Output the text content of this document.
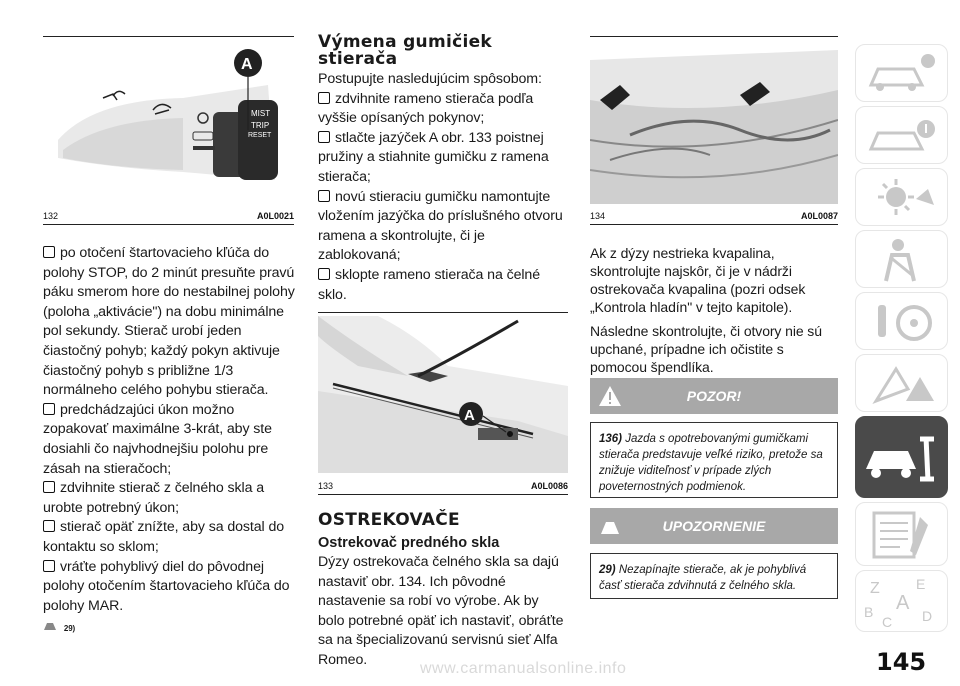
MIST
TRIP
RESET
A
132	A0L0021

po otočení štartovacieho kľúča do polohy STOP, do 2 minút presuňte pravú páku smerom hore do nestabilnej polohy (poloha „aktivácie") na dobu minimálne pol sekundy. Stierač urobí jeden čiastočný pohyb; každý pokyn aktivuje čiastočný pohyb s približne 1/3 normálneho celého pohybu stierača.

predchádzajúci úkon možno zopakovať maximálne 3-krát, aby ste dosiahli čo najvhodnejšiu polohu pre zásah na stieračoch;

zdvihnite stierač z čelného skla a urobte potrebný úkon;

stierač opäť znížte, aby sa dostal do kontaktu so sklom;

vráťte pohyblivý diel do pôvodnej polohy otočením štartovacieho kľúča do polohy MAR.

29)
Výmena gumičiek stierača

Postupujte nasledujúcim spôsobom:

zdvihnite rameno stierača podľa vyššie opísaných pokynov;

stlačte jazýček A obr. 133 poistnej pružiny a stiahnite gumičku z ramena stierača;

novú stieraciu gumičku namontujte vložením jazýčka do príslušného otvoru ramena a skontrolujte, či je zablokovaná;

sklopte rameno stierača na čelné sklo.

A
133	A0L0086
OSTREKOVAČE
Ostrekovač predného skla

Dýzy ostrekovača čelného skla sa dajú nastaviť obr. 134. Ich pôvodné nastavenie sa robí vo výrobe. Ak by bolo potrebné opäť ich nastaviť, obráťte sa na špecializovanú servisnú sieť Alfa Romeo.

134	A0L0087

Ak z dýzy nestrieka kvapalina, skontrolujte najskôr, či je v nádrži ostrekovača kvapalina (pozri odsek „Kontrola hladín" v tejto kapitole).

Následne skontrolujte, či otvory nie sú upchané, prípadne ich očistite s pomocou špendlíka.

POZOR!
136) Jazda s opotrebovanými gumičkami stierača predstavuje veľké riziko, pretože sa znižuje viditeľnosť v prípade zlých poveternostných podmienok.
UPOZORNENIE
29) Nezapínajte stierače, ak je pohyblivá časť stierača zdvihnutá z čelného skla.	Z	E
A
B
C D
145
www.carmanualsonline.info
